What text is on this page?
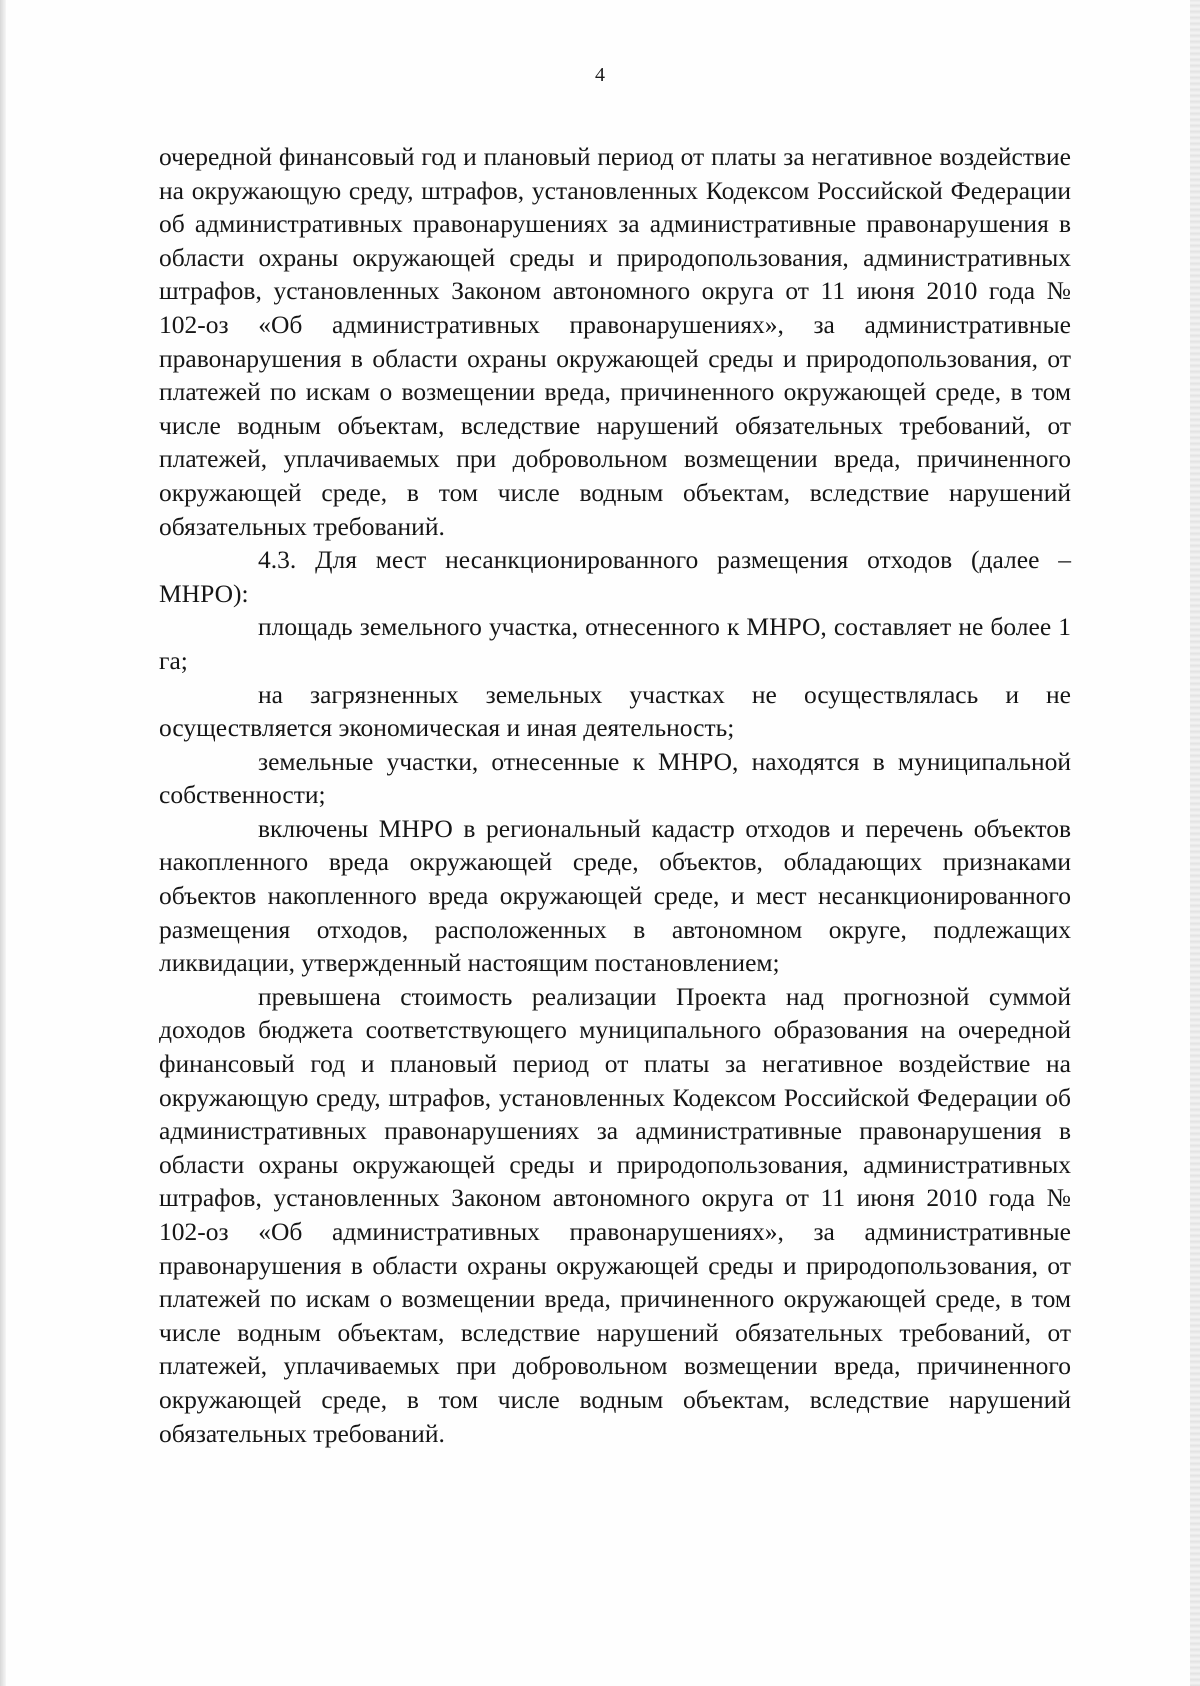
4

очередной финансовый год и плановый период от платы за негативное воздействие на окружающую среду, штрафов, установленных Кодексом Российской Федерации об административных правонарушениях за административные правонарушения в области охраны окружающей среды и природопользования, административных штрафов, установленных Законом автономного округа от 11 июня 2010 года № 102-оз «Об административных правонарушениях», за административные правонарушения в области охраны окружающей среды и природопользования, от платежей по искам о возмещении вреда, причиненного окружающей среде, в том числе водным объектам, вследствие нарушений обязательных требований, от платежей, уплачиваемых при добровольном возмещении вреда, причиненного окружающей среде, в том числе водным объектам, вследствие нарушений обязательных требований.

4.3. Для мест несанкционированного размещения отходов (далее – МНРО):

площадь земельного участка, отнесенного к МНРО, составляет не более 1 га;

на загрязненных земельных участках не осуществлялась и не осуществляется экономическая и иная деятельность;

земельные участки, отнесенные к МНРО, находятся в муниципальной собственности;

включены МНРО в региональный кадастр отходов и перечень объектов накопленного вреда окружающей среде, объектов, обладающих признаками объектов накопленного вреда окружающей среде, и мест несанкционированного размещения отходов, расположенных в автономном округе, подлежащих ликвидации, утвержденный настоящим постановлением;

превышена стоимость реализации Проекта над прогнозной суммой доходов бюджета соответствующего муниципального образования на очередной финансовый год и плановый период от платы за негативное воздействие на окружающую среду, штрафов, установленных Кодексом Российской Федерации об административных правонарушениях за административные правонарушения в области охраны окружающей среды и природопользования, административных штрафов, установленных Законом автономного округа от 11 июня 2010 года № 102-оз «Об административных правонарушениях», за административные правонарушения в области охраны окружающей среды и природопользования, от платежей по искам о возмещении вреда, причиненного окружающей среде, в том числе водным объектам, вследствие нарушений обязательных требований, от платежей, уплачиваемых при добровольном возмещении вреда, причиненного окружающей среде, в том числе водным объектам, вследствие нарушений обязательных требований.
